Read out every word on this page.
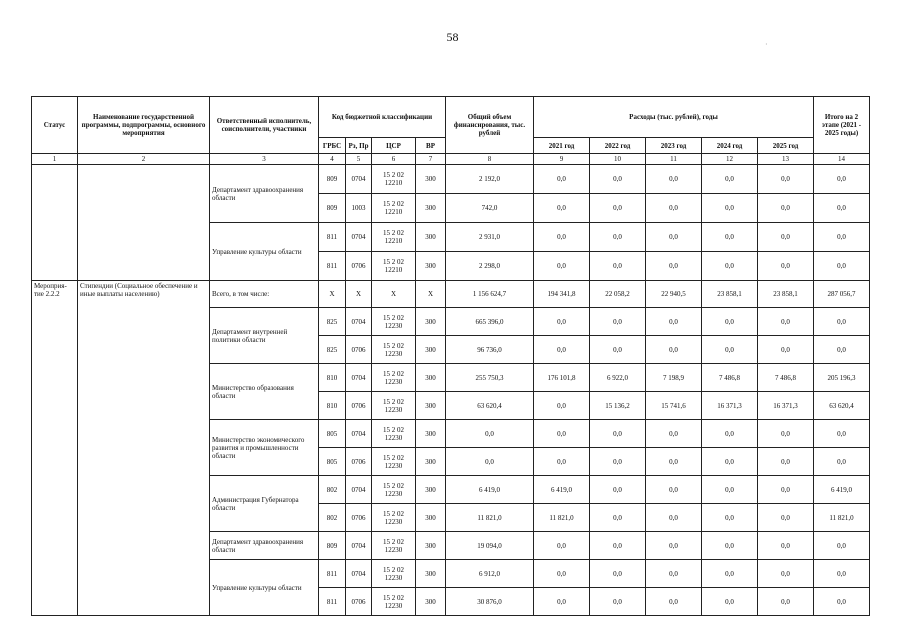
58
·
Статус	Наименование государственной программы, подпрограммы, основного мероприятия	Ответственный исполнитель, соисполнители, участники	Код бюджетной классификации				Общий объем финансирования, тыс. рублей	Расходы (тыс. рублей), годы					Итого на 2 этапе (2021 - 2025 годы)
			ГРБС	Рз, Пр	ЦСР	ВР		2021 год	2022 год	2023 год	2024 год	2025 год	
1	2	3	4	5	6	7	8	9	10	11	12	13	14
		Департамент здравоохранения области	809	0704	15 2 02 12210	300	2 192,0	0,0	0,0	0,0	0,0	0,0	0,0
			809	1003	15 2 02 12210	300	742,0	0,0	0,0	0,0	0,0	0,0	0,0
		Управление культуры области	811	0704	15 2 02 12210	300	2 931,0	0,0	0,0	0,0	0,0	0,0	0,0
			811	0706	15 2 02 12210	300	2 298,0	0,0	0,0	0,0	0,0	0,0	0,0
Мероприя-тие 2.2.2	Стипендии (Социальное обеспечение и иные выплаты населению)	Всего, в том числе:	X	X	X	X	1 156 624,7	194 341,8	22 058,2	22 940,5	23 858,1	23 858,1	287 056,7
		Департамент внутренней политики области	825	0704	15 2 02 12230	300	665 396,0	0,0	0,0	0,0	0,0	0,0	0,0
			825	0706	15 2 02 12230	300	96 736,0	0,0	0,0	0,0	0,0	0,0	0,0
		Министерство образования области	810	0704	15 2 02 12230	300	255 750,3	176 101,8	6 922,0	7 198,9	7 486,8	7 486,8	205 196,3
			810	0706	15 2 02 12230	300	63 620,4	0,0	15 136,2	15 741,6	16 371,3	16 371,3	63 620,4
		Министерство экономического развития и промышленности области	805	0704	15 2 02 12230	300	0,0	0,0	0,0	0,0	0,0	0,0	0,0
			805	0706	15 2 02 12230	300	0,0	0,0	0,0	0,0	0,0	0,0	0,0
		Администрация Губернатора области	802	0704	15 2 02 12230	300	6 419,0	6 419,0	0,0	0,0	0,0	0,0	6 419,0
			802	0706	15 2 02 12230	300	11 821,0	11 821,0	0,0	0,0	0,0	0,0	11 821,0
		Департамент здравоохранения области	809	0704	15 2 02 12230	300	19 094,0	0,0	0,0	0,0	0,0	0,0	0,0
		Управление культуры области	811	0704	15 2 02 12230	300	6 912,0	0,0	0,0	0,0	0,0	0,0	0,0
			811	0706	15 2 02 12230	300	30 876,0	0,0	0,0	0,0	0,0	0,0	0,0
